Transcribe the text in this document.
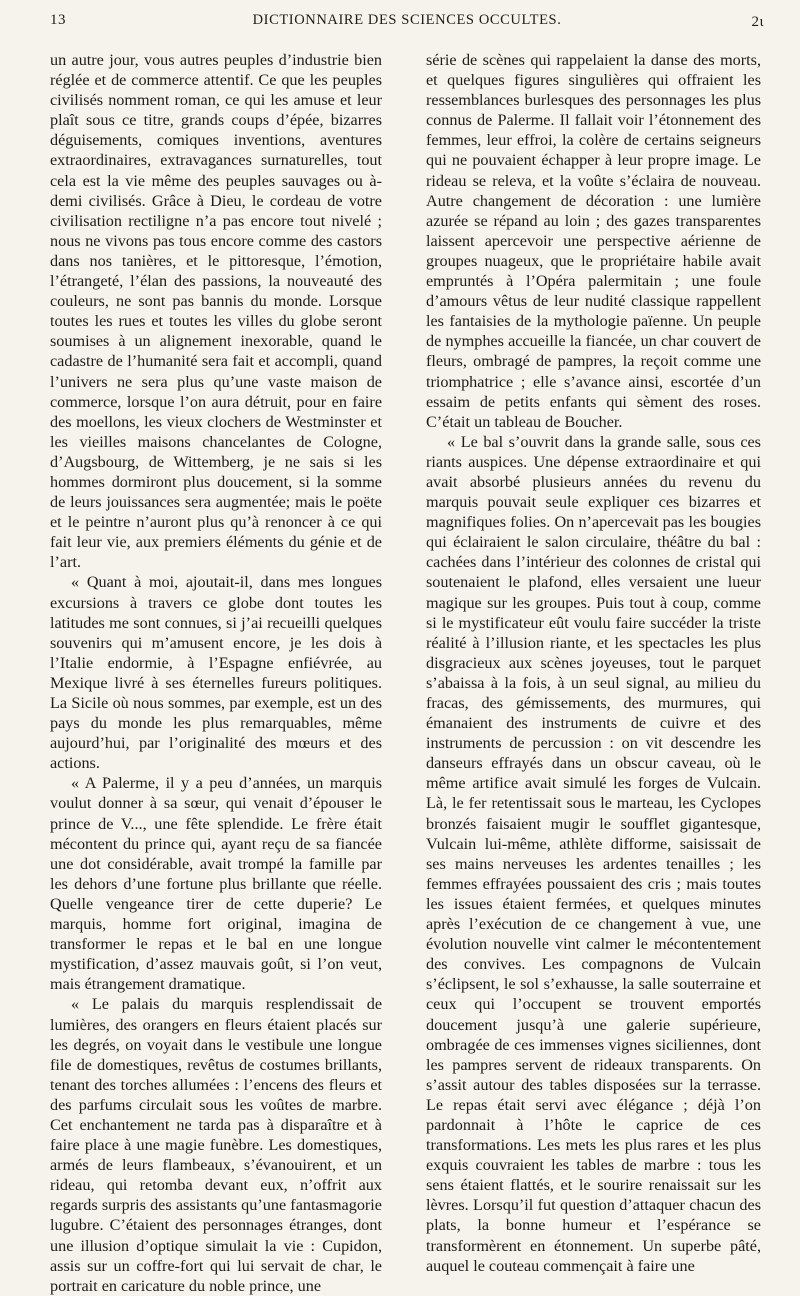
13	DICTIONNAIRE DES SCIENCES OCCULTES.	2ι

un autre jour, vous autres peuples d’industrie bien réglée et de commerce attentif. Ce que les peuples civilisés nomment roman, ce qui les amuse et leur plaît sous ce titre, grands coups d’épée, bizarres déguisements, comiques inventions, aventures extraordinaires, extravagances surnaturelles, tout cela est la vie même des peuples sauvages ou à-demi civilisés. Grâce à Dieu, le cordeau de votre civilisation rectiligne n’a pas encore tout nivelé ; nous ne vivons pas tous encore comme des castors dans nos tanières, et le pittoresque, l’émotion, l’étrangeté, l’élan des passions, la nouveauté des couleurs, ne sont pas bannis du monde. Lorsque toutes les rues et toutes les villes du globe seront soumises à un alignement inexorable, quand le cadastre de l’humanité sera fait et accompli, quand l’univers ne sera plus qu’une vaste maison de commerce, lorsque l’on aura détruit, pour en faire des moellons, les vieux clochers de Westminster et les vieilles maisons chancelantes de Cologne, d’Augsbourg, de Wittemberg, je ne sais si les hommes dormiront plus doucement, si la somme de leurs jouissances sera augmentée; mais le poëte et le peintre n’auront plus qu’à renoncer à ce qui fait leur vie, aux premiers éléments du génie et de l’art.

« Quant à moi, ajoutait-il, dans mes longues excursions à travers ce globe dont toutes les latitudes me sont connues, si j’ai recueilli quelques souvenirs qui m’amusent encore, je les dois à l’Italie endormie, à l’Espagne enfiévrée, au Mexique livré à ses éternelles fureurs politiques. La Sicile où nous sommes, par exemple, est un des pays du monde les plus remarquables, même aujourd’hui, par l’originalité des mœurs et des actions.

« A Palerme, il y a peu d’années, un marquis voulut donner à sa sœur, qui venait d’épouser le prince de V..., une fête splendide. Le frère était mécontent du prince qui, ayant reçu de sa fiancée une dot considérable, avait trompé la famille par les dehors d’une fortune plus brillante que réelle. Quelle vengeance tirer de cette duperie? Le marquis, homme fort original, imagina de transformer le repas et le bal en une longue mystification, d’assez mauvais goût, si l’on veut, mais étrangement dramatique.

« Le palais du marquis resplendissait de lumières, des orangers en fleurs étaient placés sur les degrés, on voyait dans le vestibule une longue file de domestiques, revêtus de costumes brillants, tenant des torches allumées : l’encens des fleurs et des parfums circulait sous les voûtes de marbre. Cet enchantement ne tarda pas à disparaître et à faire place à une magie funèbre. Les domestiques, armés de leurs flambeaux, s’évanouirent, et un rideau, qui retomba devant eux, n’offrit aux regards surpris des assistants qu’une fantasmagorie lugubre. C’étaient des personnages étranges, dont une illusion d’optique simulait la vie : Cupidon, assis sur un coffre-fort qui lui servait de char, le portrait en caricature du noble prince, une

série de scènes qui rappelaient la danse des morts, et quelques figures singulières qui offraient les ressemblances burlesques des personnages les plus connus de Palerme. Il fallait voir l’étonnement des femmes, leur effroi, la colère de certains seigneurs qui ne pouvaient échapper à leur propre image. Le rideau se releva, et la voûte s’éclaira de nouveau. Autre changement de décoration : une lumière azurée se répand au loin ; des gazes transparentes laissent apercevoir une perspective aérienne de groupes nuageux, que le propriétaire habile avait empruntés à l’Opéra palermitain ; une foule d’amours vêtus de leur nudité classique rappellent les fantaisies de la mythologie païenne. Un peuple de nymphes accueille la fiancée, un char couvert de fleurs, ombragé de pampres, la reçoit comme une triomphatrice ; elle s’avance ainsi, escortée d’un essaim de petits enfants qui sèment des roses. C’était un tableau de Boucher.

« Le bal s’ouvrit dans la grande salle, sous ces riants auspices. Une dépense extraordinaire et qui avait absorbé plusieurs années du revenu du marquis pouvait seule expliquer ces bizarres et magnifiques folies. On n’apercevait pas les bougies qui éclairaient le salon circulaire, théâtre du bal : cachées dans l’intérieur des colonnes de cristal qui soutenaient le plafond, elles versaient une lueur magique sur les groupes. Puis tout à coup, comme si le mystificateur eût voulu faire succéder la triste réalité à l’illusion riante, et les spectacles les plus disgracieux aux scènes joyeuses, tout le parquet s’abaissa à la fois, à un seul signal, au milieu du fracas, des gémissements, des murmures, qui émanaient des instruments de cuivre et des instruments de percussion : on vit descendre les danseurs effrayés dans un obscur caveau, où le même artifice avait simulé les forges de Vulcain. Là, le fer retentissait sous le marteau, les Cyclopes bronzés faisaient mugir le soufflet gigantesque, Vulcain lui-même, athlète difforme, saisissait de ses mains nerveuses les ardentes tenailles ; les femmes effrayées poussaient des cris ; mais toutes les issues étaient fermées, et quelques minutes après l’exécution de ce changement à vue, une évolution nouvelle vint calmer le mécontentement des convives. Les compagnons de Vulcain s’éclipsent, le sol s’exhausse, la salle souterraine et ceux qui l’occupent se trouvent emportés doucement jusqu’à une galerie supérieure, ombragée de ces immenses vignes siciliennes, dont les pampres servent de rideaux transparents. On s’assit autour des tables disposées sur la terrasse. Le repas était servi avec élégance ; déjà l’on pardonnait à l’hôte le caprice de ces transformations. Les mets les plus rares et les plus exquis couvraient les tables de marbre : tous les sens étaient flattés, et le sourire renaissait sur les lèvres. Lorsqu’il fut question d’attaquer chacun des plats, la bonne humeur et l’espérance se transformèrent en étonnement. Un superbe pâté, auquel le couteau commençait à faire une
